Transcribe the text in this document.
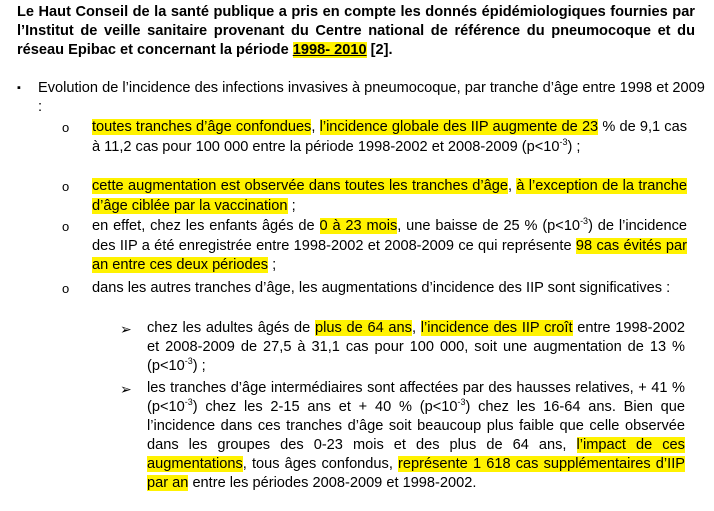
Le Haut Conseil de la santé publique a pris en compte les donnés épidémiologiques fournies par l’Institut de veille sanitaire provenant du Centre national de référence du pneumocoque et du réseau Epibac et concernant la période 1998- 2010 [2].
▪ Evolution de l’incidence des infections invasives à pneumocoque, par tranche d’âge entre 1998 et 2009 :
o toutes tranches d’âge confondues, l’incidence globale des IIP augmente de 23 % de 9,1 cas à 11,2 cas pour 100 000 entre la période 1998-2002 et 2008-2009 $(p<10^{-3})$ ;
o cette augmentation est observée dans toutes les tranches d’âge, à l’exception de la tranche d’âge ciblée par la vaccination ;
o en effet, chez les enfants âgés de 0 à 23 mois, une baisse de 25 % $(p<10^{-3})$ de l’incidence des IIP a été enregistrée entre 1998-2002 et 2008-2009 ce qui représente 98 cas évités par an entre ces deux périodes ;
o dans les autres tranches d’âge, les augmentations d’incidence des IIP sont significatives :
➢ chez les adultes âgés de plus de 64 ans, l’incidence des IIP croît entre 1998-2002 et 2008-2009 de 27,5 à 31,1 cas pour 100 000, soit une augmentation de 13 % $(p<10^{-3})$ ;
➢ les tranches d’âge intermédiaires sont affectées par des hausses relatives, + 41 % $(p<10^{-3})$ chez les 2-15 ans et + 40 % $(p<10^{-3})$ chez les 16-64 ans. Bien que l’incidence dans ces tranches d’âge soit beaucoup plus faible que celle observée dans les groupes des 0-23 mois et des plus de 64 ans, l’impact de ces augmentations, tous âges confondus, représente 1 618 cas supplémentaires d’IIP par an entre les périodes 2008-2009 et 1998-2002.
